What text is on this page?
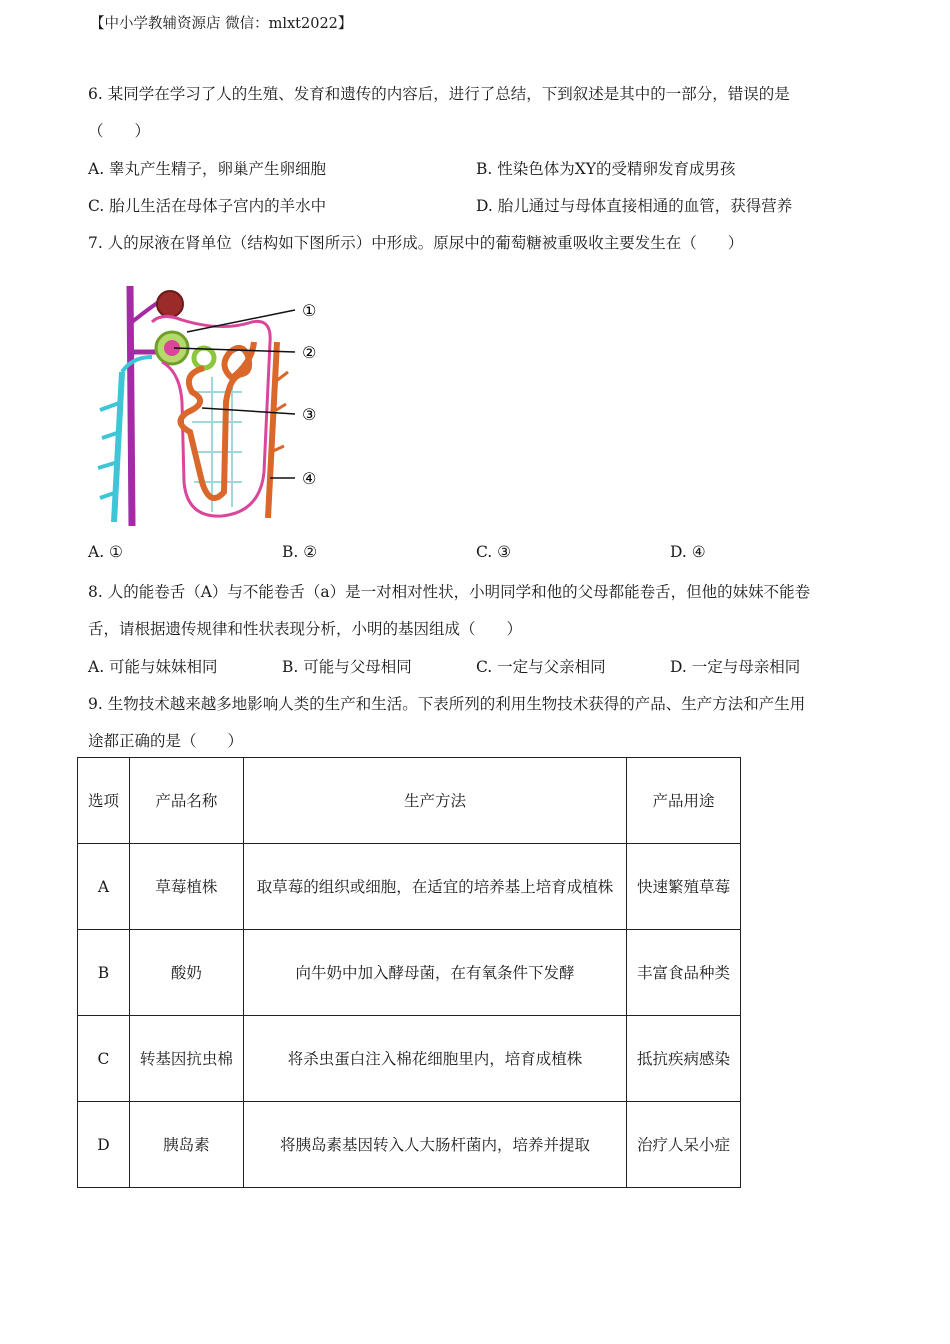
【中小学教辅资源店 微信：mlxt2022】
6. 某同学在学习了人的生殖、发育和遗传的内容后，进行了总结，下到叙述是其中的一部分，错误的是
（　　）
A. 睾丸产生精子，卵巢产生卵细胞	B. 性染色体为XY的受精卵发育成男孩
C. 胎儿生活在母体子宫内的羊水中	D. 胎儿通过与母体直接相通的血管，获得营养
7. 人的尿液在肾单位（结构如下图所示）中形成。原尿中的葡萄糖被重吸收主要发生在（　　）
①
②
③
④
A. ①	B. ②	C. ③	D. ④
8. 人的能卷舌（A）与不能卷舌（a）是一对相对性状，小明同学和他的父母都能卷舌，但他的妹妹不能卷
舌，请根据遗传规律和性状表现分析，小明的基因组成（　　）
A. 可能与妹妹相同	B. 可能与父母相同	C. 一定与父亲相同	D. 一定与母亲相同
9. 生物技术越来越多地影响人类的生产和生活。下表所列的利用生物技术获得的产品、生产方法和产生用
途都正确的是（　　）
选项	产品名称	生产方法	产品用途
A	草莓植株	取草莓的组织或细胞，在适宜的培养基上培育成植株	快速繁殖草莓
B	酸奶	向牛奶中加入酵母菌，在有氧条件下发酵	丰富食品种类
C	转基因抗虫棉	将杀虫蛋白注入棉花细胞里内，培育成植株	抵抗疾病感染
D	胰岛素	将胰岛素基因转入人大肠杆菌内，培养并提取	治疗人呆小症
